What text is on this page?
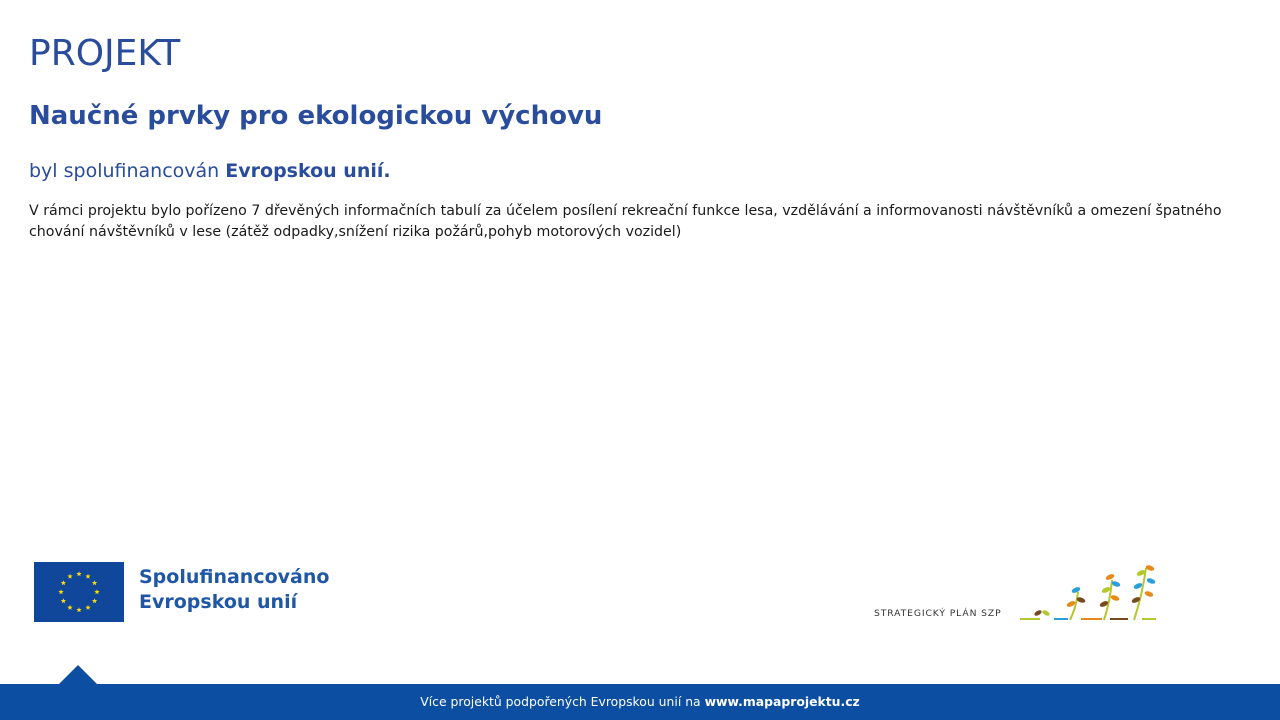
PROJEKT
Naučné prvky pro ekologickou výchovu

byl spolufinancován Evropskou unií.

V rámci projektu bylo pořízeno 7 dřevěných informačních tabulí za účelem posílení rekreační funkce lesa, vzdělávání a informovanosti návštěvníků a omezení špatného chování návštěvníků v lese (zátěž odpadky,snížení rizika požárů,pohyb motorových vozidel)

Spolufinancováno
Evropskou unií
STRATEGICKÝ PLÁN SZP
Více projektů podpořených Evropskou unií na www.mapaprojektu.cz
